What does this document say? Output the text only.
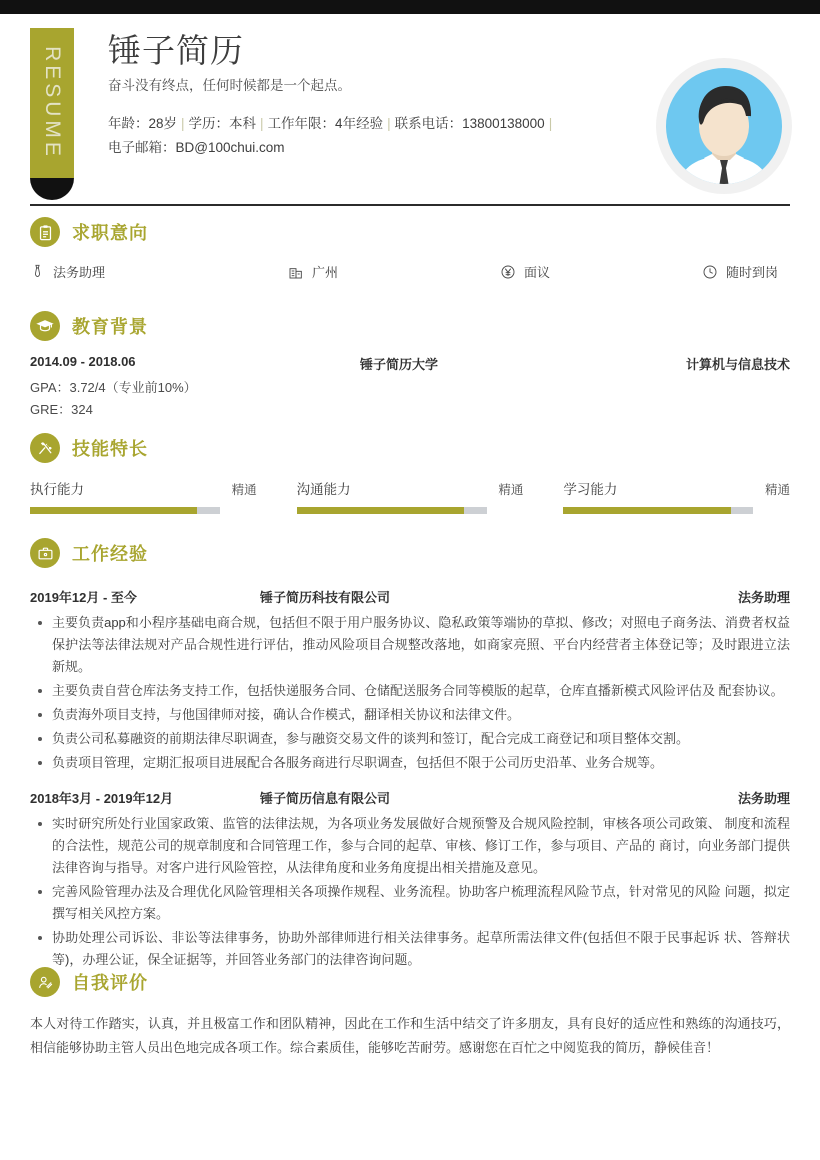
RESUME	锤子简历
奋斗没有终点，任何时候都是一个起点。
年龄：28岁 | 学历：本科 | 工作年限：4年经验 | 联系电话：13800138000 |
电子邮箱：BD@100chui.com
求职意向
法务助理	广州	面议	随时到岗
教育背景
2014.09 - 2018.06	锤子简历大学	计算机与信息技术
GPA：3.72/4（专业前10%）
GRE：324
技能特长
执行能力	精通	沟通能力	精通	学习能力	精通
工作经验
2019年12月 - 至今	锤子简历科技有限公司	法务助理
主要负责app和小程序基础电商合规，包括但不限于用户服务协议、隐私政策等端协的草拟、修改；对照电子商务法、消费者权益保护法等法律法规对产品合规性进行评估，推动风险项目合规整改落地，如商家亮照、平台内经营者主体登记等；及时跟进立法新规。
主要负责自营仓库法务支持工作，包括快递服务合同、仓储配送服务合同等模版的起草，仓库直播新模式风险评估及 配套协议。
负责海外项目支持，与他国律师对接，确认合作模式，翻译相关协议和法律文件。
负责公司私募融资的前期法律尽职调查，参与融资交易文件的谈判和签订，配合完成工商登记和项目整体交割。
负责项目管理，定期汇报项目进展配合各服务商进行尽职调查，包括但不限于公司历史沿革、业务合规等。
2018年3月 - 2019年12月	锤子简历信息有限公司	法务助理
实时研究所处行业国家政策、监管的法律法规，为各项业务发展做好合规预警及合规风险控制，审核各项公司政策、 制度和流程的合法性，规范公司的规章制度和合同管理工作，参与合同的起草、审核、修订工作，参与项目、产品的 商讨，向业务部门提供法律咨询与指导。对客户进行风险管控，从法律角度和业务角度提出相关措施及意见。
完善风险管理办法及合理优化风险管理相关各项操作规程、业务流程。协助客户梳理流程风险节点，针对常见的风险 问题，拟定撰写相关风控方案。
协助处理公司诉讼、非讼等法律事务，协助外部律师进行相关法律事务。起草所需法律文件(包括但不限于民事起诉 状、答辩状等)，办理公证，保全证据等，并回答业务部门的法律咨询问题。
自我评价
本人对待工作踏实，认真，并且极富工作和团队精神，因此在工作和生活中结交了许多朋友，具有良好的适应性和熟练的沟通技巧，相信能够协助主管人员出色地完成各项工作。综合素质佳，能够吃苦耐劳。感谢您在百忙之中阅览我的简历，静候佳音！
